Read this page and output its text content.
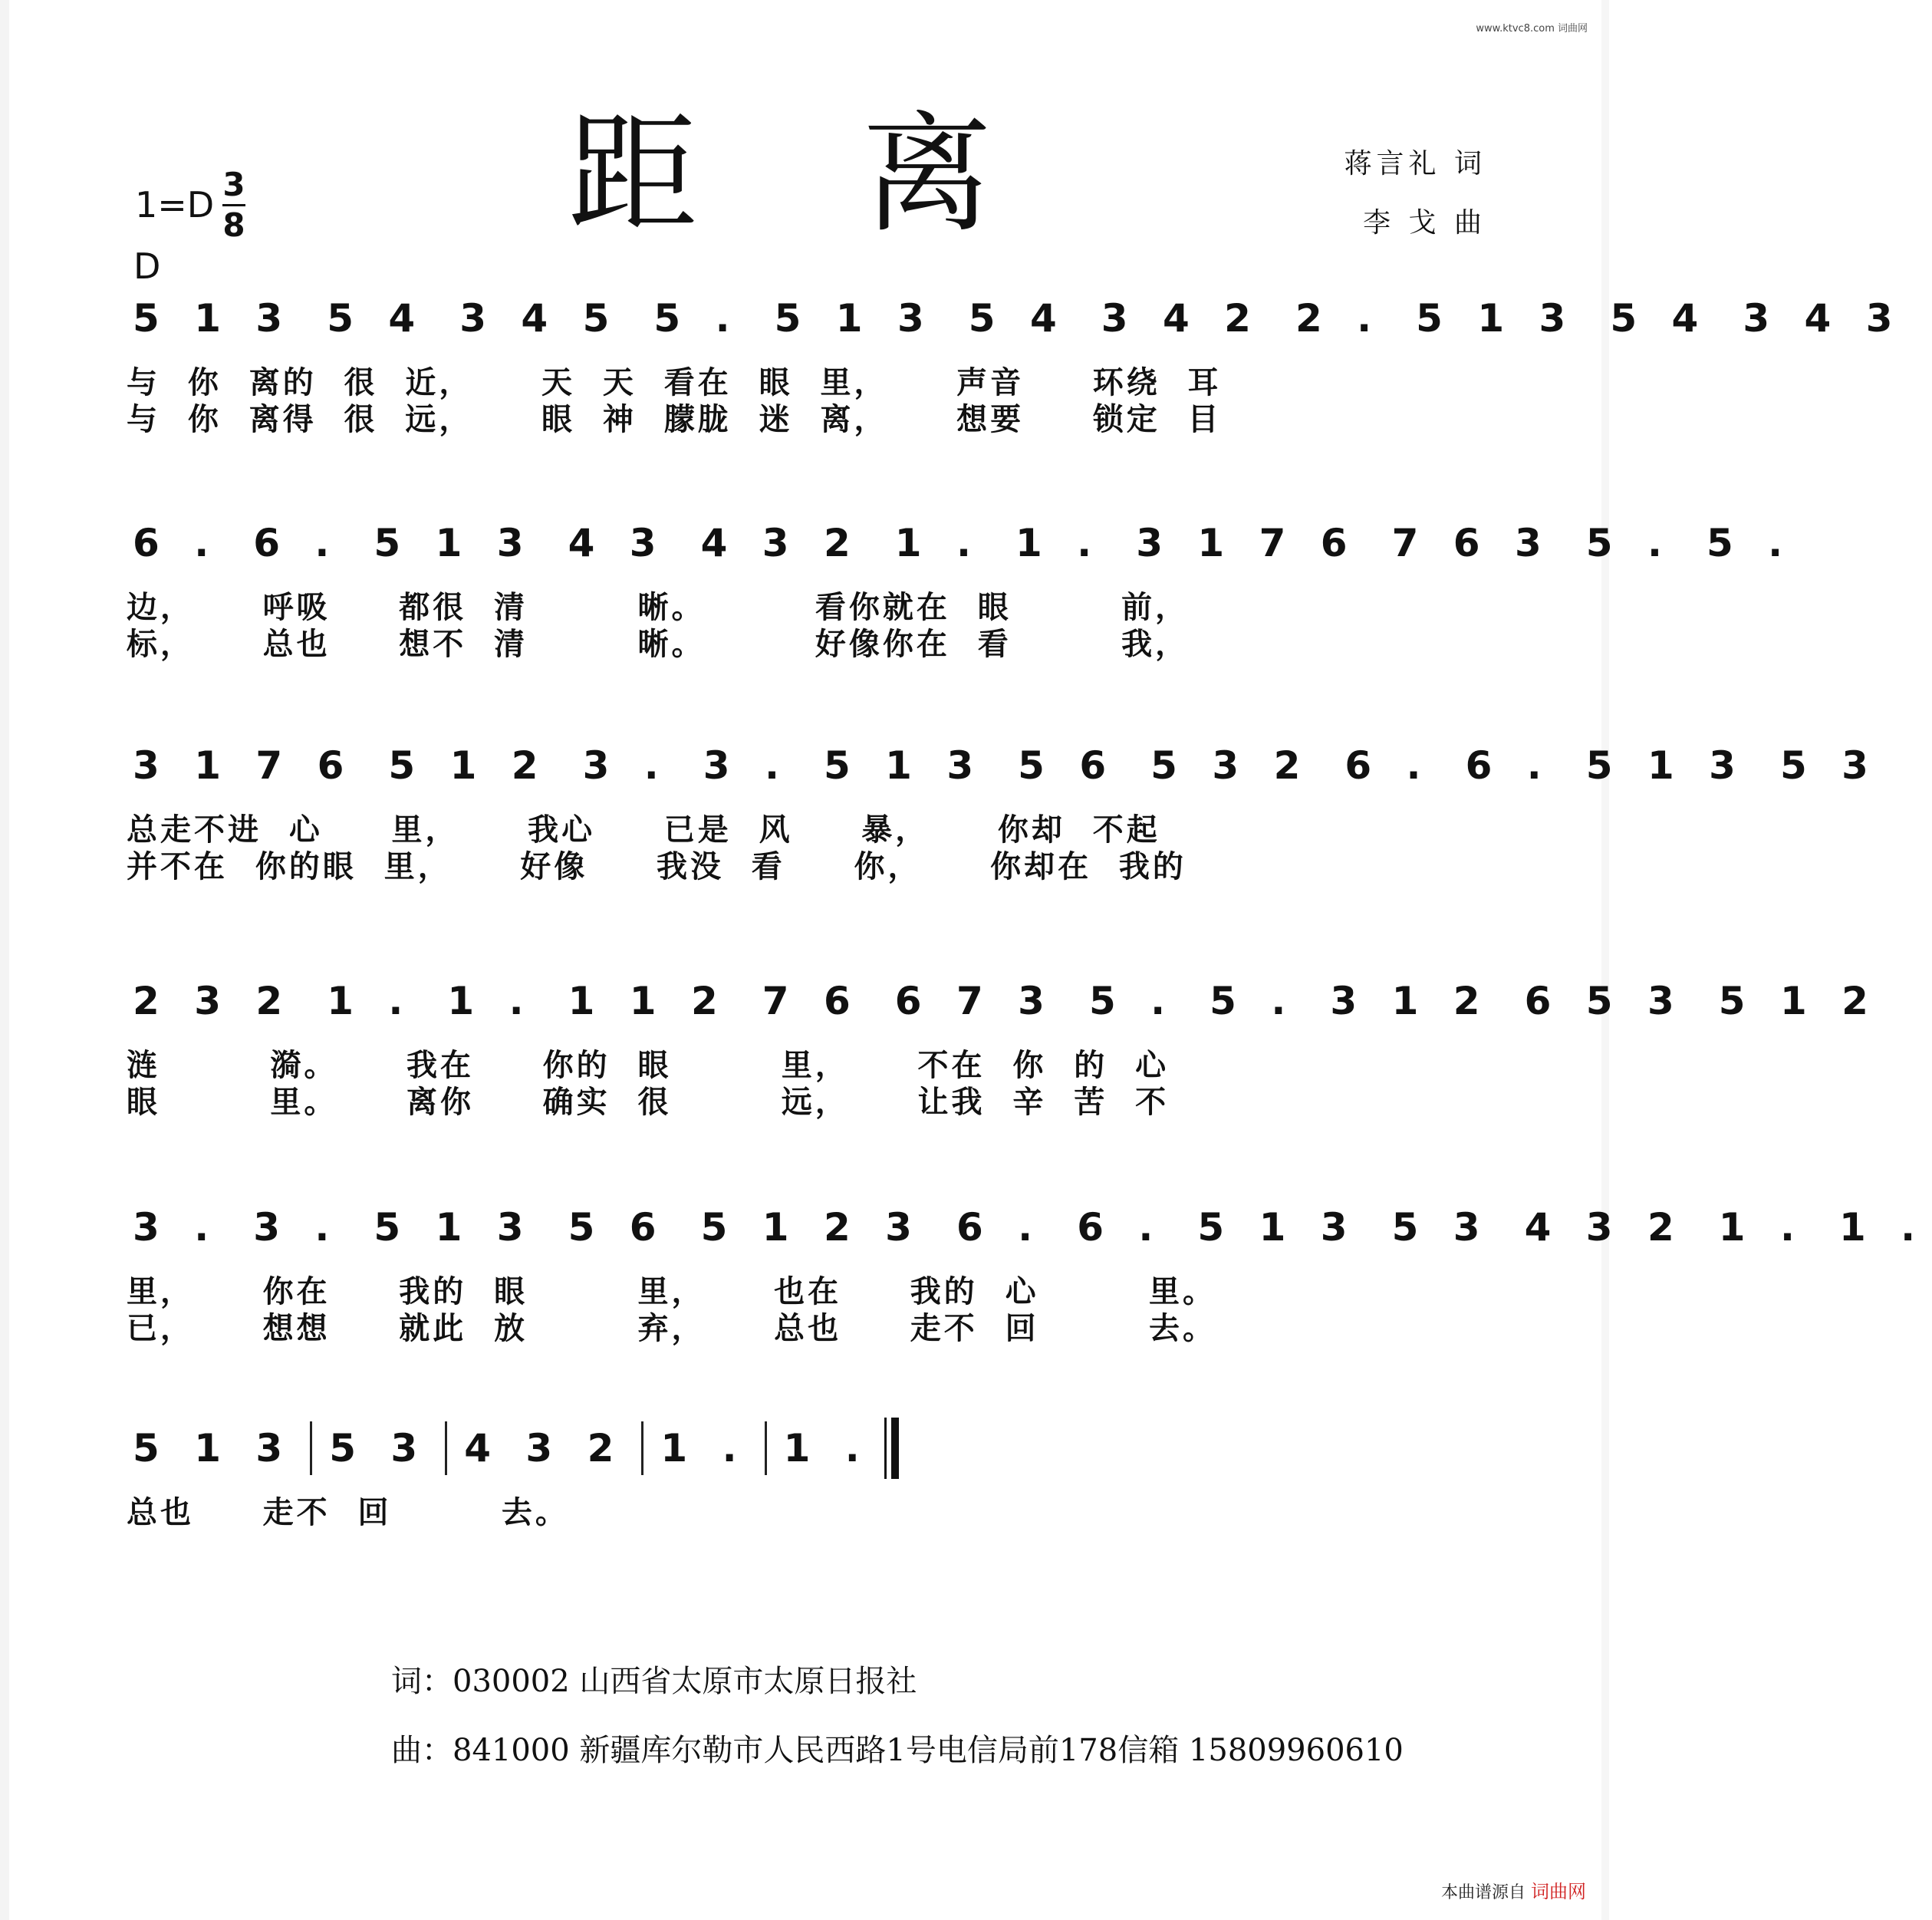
www.ktvc8.com 词曲网
距 离	蒋言礼 词
李 戈 曲
1=D 3
8
D
5 1 3 5 4 3 4 5 5 . 5 1 3 5 4 3 4 2 2 . 5 1 3 5 4 3 4 3
与  你  离的  很  近，     天  天  看在  眼  里，     声音     环绕  耳
与  你  离得  很  远，     眼  神  朦胧  迷  离，     想要     锁定  目
6 . 6 . 5 1 3 4 3 4 3 2 1 . 1 . 3 1 7 6 7 6 3 5 . 5 .
边，     呼吸     都很  清        晰。        看你就在  眼        前，
标，     总也     想不  清        晰。        好像你在  看        我，
3 1 7 6 5 1 2 3 . 3 . 5 1 3 5 6 5 3 2 6 . 6 . 5 1 3 5 3
总走不进  心     里，     我心     已是  风     暴，     你却  不起
并不在  你的眼  里，     好像     我没  看     你，     你却在  我的
2 3 2 1 . 1 . 1 1 2 7 6 6 7 3 5 . 5 . 3 1 2 6 5 3 5 1 2
涟        漪。     我在     你的  眼        里，     不在  你  的  心
眼        里。     离你     确实  很        远，     让我  辛  苦  不
3 . 3 . 5 1 3 5 6 5 1 2 3 6 . 6 . 5 1 3 5 3 4 3 2 1 . 1 .
里，     你在     我的  眼        里，     也在     我的  心        里。
已，     想想     就此  放        弃，     总也     走不  回        去。
5 1 3 5 3 4 3 2 1 . 1 .
总也     走不  回        去。
词：030002 山西省太原市太原日报社
曲：841000 新疆库尔勒市人民西路1号电信局前178信箱 15809960610
本曲谱源自 词曲网
